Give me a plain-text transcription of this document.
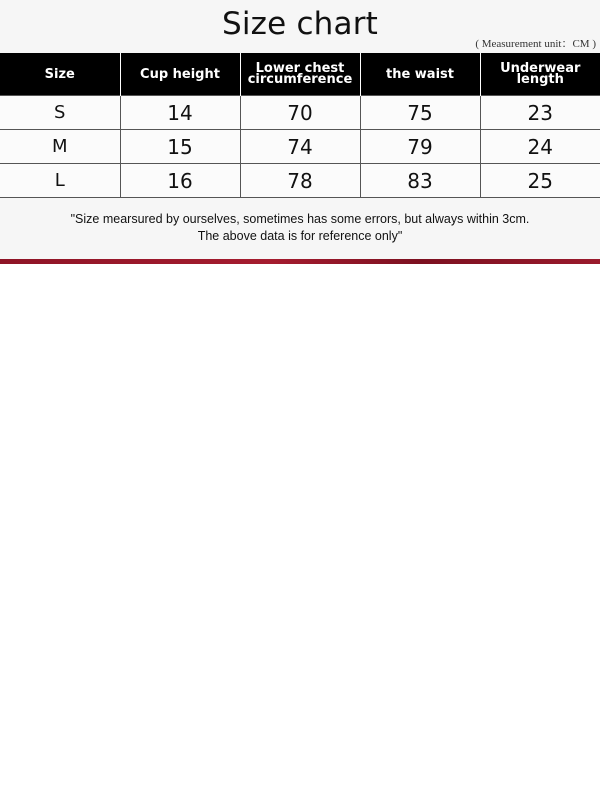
Size chart
( Measurement unit：CM )
Size	Cup height	Lower chest circumference	the waist	Underwear length
S	14	70	75	23
M	15	74	79	24
L	16	78	83	25
"Size mearsured by ourselves, sometimes has some errors, but always within 3cm.
The above data is for reference only"
